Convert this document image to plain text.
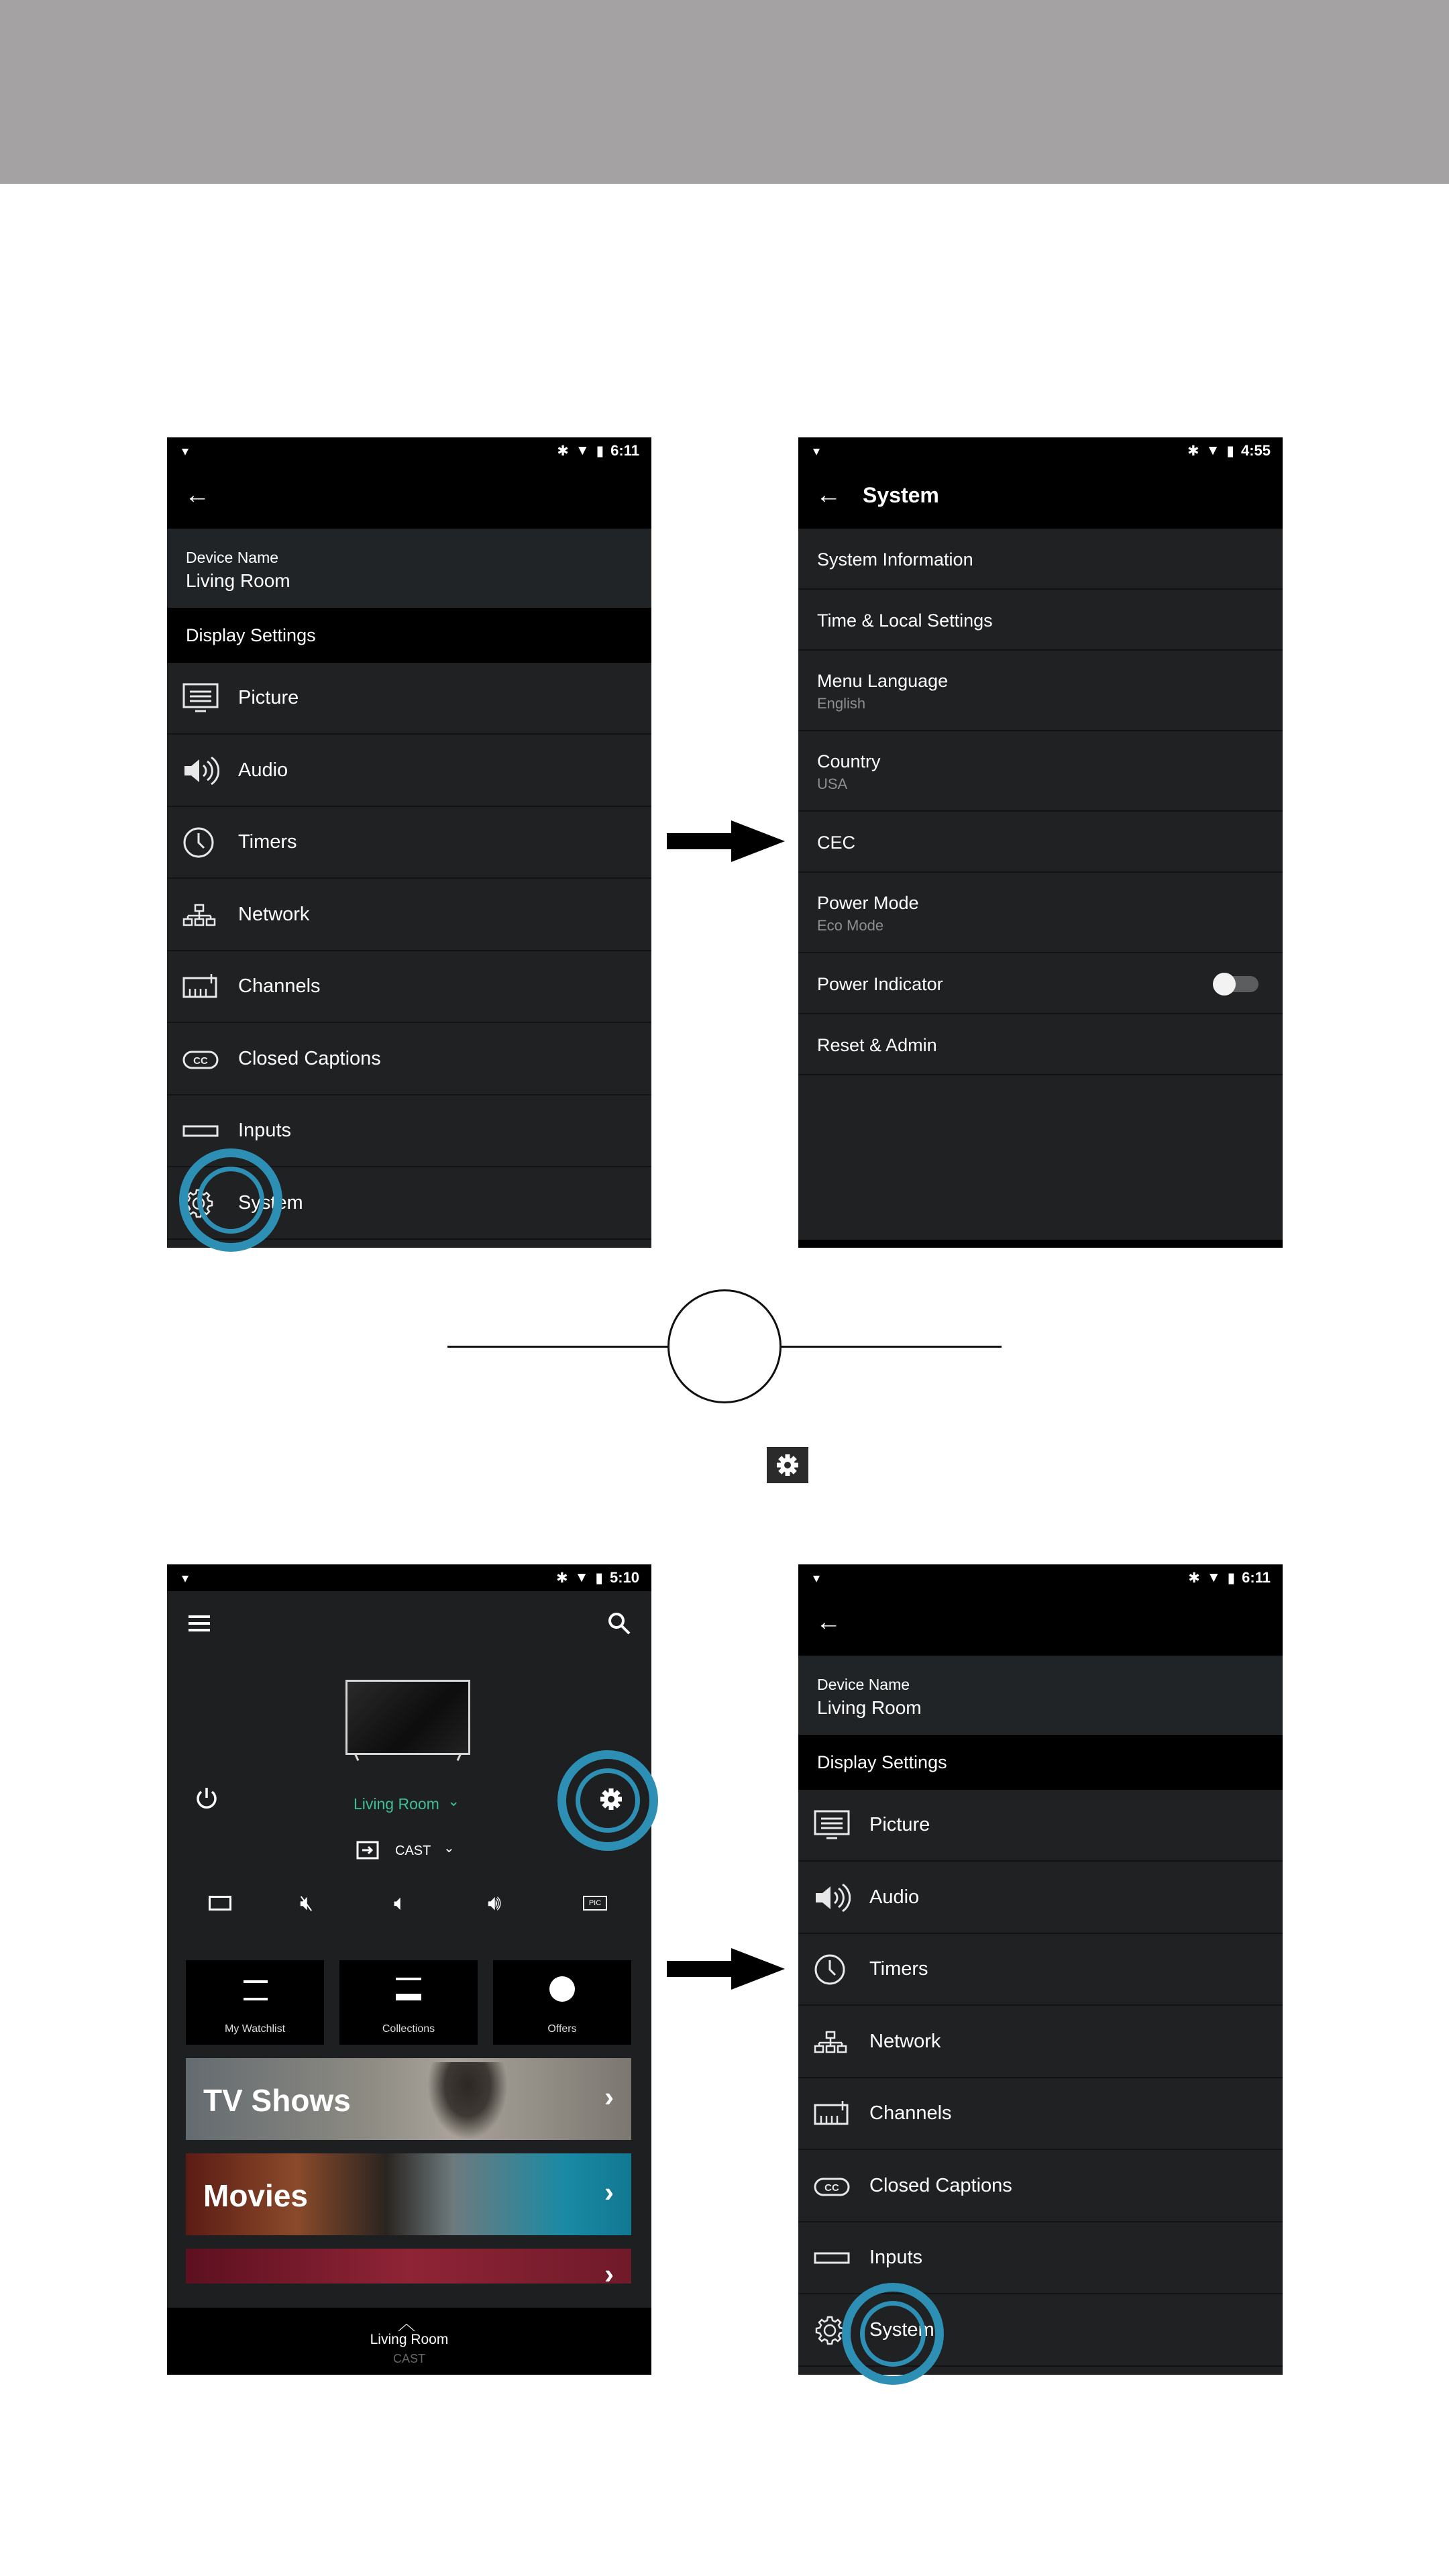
▾	✱ ▼ ▮ 6:11
←
Device Name
Living Room
Display Settings
Picture
Audio
Timers
Network
Channels
CC Closed Captions
Inputs
System
▾	✱ ▼ ▮ 4:55
← System
System Information
Time & Local Settings
Menu Language
English
Country
USA
CEC
Power Mode
Eco Mode
Power Indicator
Reset & Admin
▾	✱ ▼ ▮ 5:10
Living Room ⌄
CAST ⌄
🔇︎	🔈︎	🔊︎	PIC
My Watchlist	Collections	Offers
TV Shows	›
Movies	›
›
︿
Living Room
CAST
▾	✱ ▼ ▮ 6:11
←
Device Name
Living Room
Display Settings
Picture
Audio
Timers
Network
Channels
CC Closed Captions
Inputs
System
